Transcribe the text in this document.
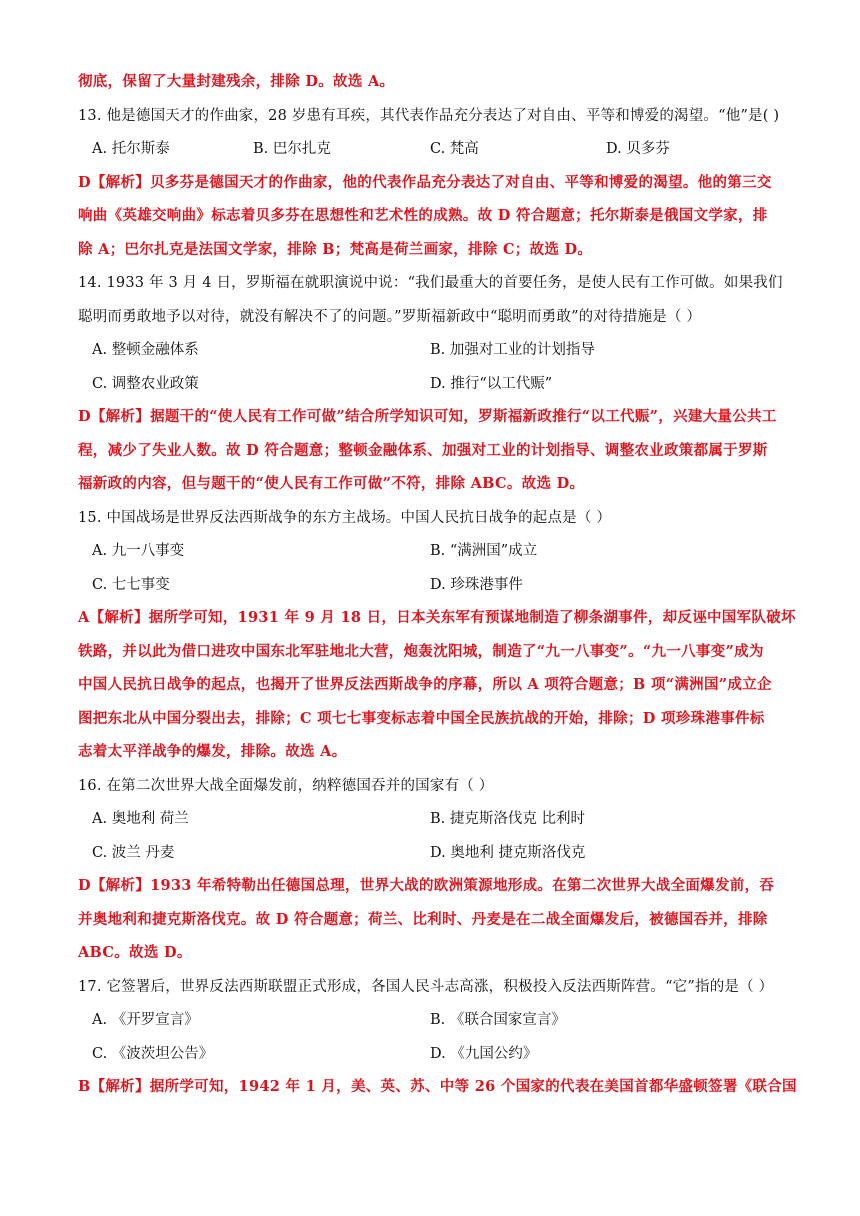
彻底，保留了大量封建残余，排除 D。故选 A。
13. 他是德国天才的作曲家，28 岁患有耳疾，其代表作品充分表达了对自由、平等和博爱的渴望。“他”是( )
A. 托尔斯泰	B. 巴尔扎克	C. 梵高	D. 贝多芬
D【解析】贝多芬是德国天才的作曲家，他的代表作品充分表达了对自由、平等和博爱的渴望。他的第三交
响曲《英雄交响曲》标志着贝多芬在思想性和艺术性的成熟。故 D 符合题意；托尔斯泰是俄国文学家，排
除 A；巴尔扎克是法国文学家，排除 B；梵高是荷兰画家，排除 C；故选 D。
14. 1933 年 3 月 4 日，罗斯福在就职演说中说：“我们最重大的首要任务，是使人民有工作可做。如果我们
聪明而勇敢地予以对待，就没有解决不了的问题。”罗斯福新政中“聪明而勇敢”的对待措施是（ ）
A. 整顿金融体系	B. 加强对工业的计划指导
C. 调整农业政策	D. 推行“以工代赈”
D【解析】据题干的“使人民有工作可做”结合所学知识可知，罗斯福新政推行“以工代赈”，兴建大量公共工
程，减少了失业人数。故 D 符合题意；整顿金融体系、加强对工业的计划指导、调整农业政策都属于罗斯
福新政的内容，但与题干的“使人民有工作可做”不符，排除 ABC。故选 D。
15. 中国战场是世界反法西斯战争的东方主战场。中国人民抗日战争的起点是（ ）
A. 九一八事变	B. “满洲国”成立
C. 七七事变	D. 珍珠港事件
A【解析】据所学可知，1931 年 9 月 18 日，日本关东军有预谋地制造了柳条湖事件，却反诬中国军队破坏
铁路，并以此为借口进攻中国东北军驻地北大营，炮轰沈阳城，制造了“九一八事变”。“九一八事变”成为
中国人民抗日战争的起点，也揭开了世界反法西斯战争的序幕，所以 A 项符合题意；B 项“满洲国”成立企
图把东北从中国分裂出去，排除；C 项七七事变标志着中国全民族抗战的开始，排除；D 项珍珠港事件标
志着太平洋战争的爆发，排除。故选 A。
16. 在第二次世界大战全面爆发前，纳粹德国吞并的国家有（ ）
A. 奥地利 荷兰	B. 捷克斯洛伐克 比利时
C. 波兰 丹麦	D. 奥地利 捷克斯洛伐克
D【解析】1933 年希特勒出任德国总理，世界大战的欧洲策源地形成。在第二次世界大战全面爆发前，吞
并奥地利和捷克斯洛伐克。故 D 符合题意；荷兰、比利时、丹麦是在二战全面爆发后，被德国吞并，排除
ABC。故选 D。
17. 它签署后，世界反法西斯联盟正式形成，各国人民斗志高涨，积极投入反法西斯阵营。“它”指的是（ ）
A. 《开罗宣言》	B. 《联合国家宣言》
C. 《波茨坦公告》	D. 《九国公约》
B【解析】据所学可知，1942 年 1 月，美、英、苏、中等 26 个国家的代表在美国首都华盛顿签署《联合国
